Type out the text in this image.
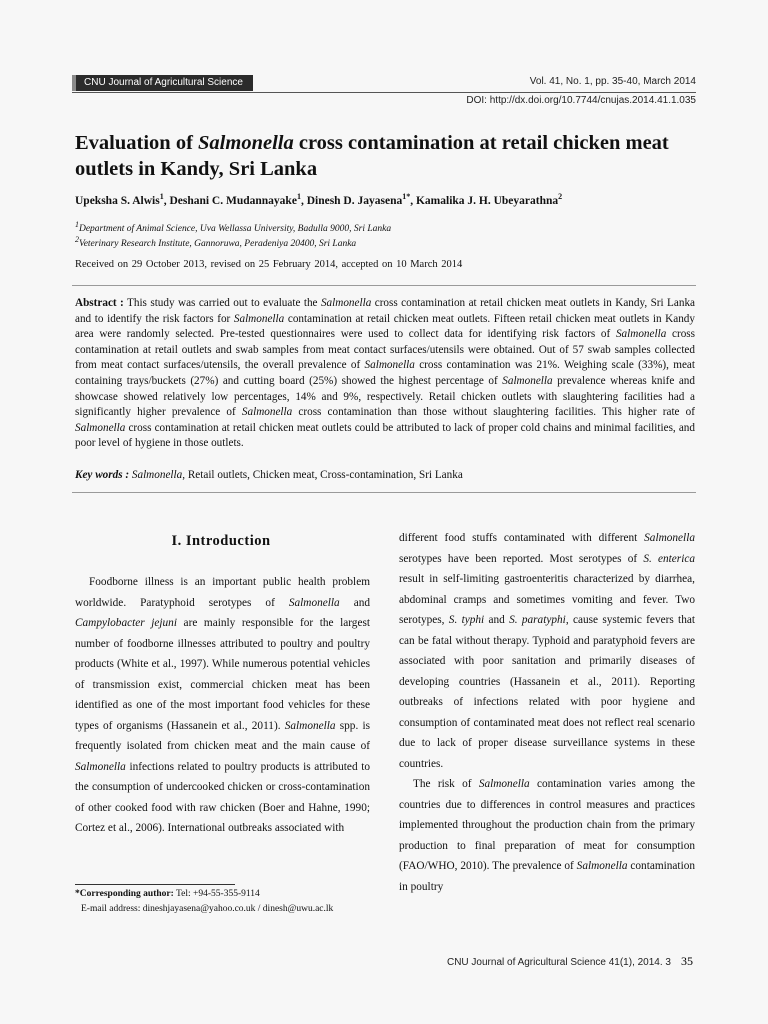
CNU Journal of Agricultural Science	Vol. 41, No. 1, pp. 35-40, March 2014
DOI: http://dx.doi.org/10.7744/cnujas.2014.41.1.035
Evaluation of Salmonella cross contamination at retail chicken meat outlets in Kandy, Sri Lanka
Upeksha S. Alwis$^1$, Deshani C. Mudannayake$^1$, Dinesh D. Jayasena$^{1*}$, Kamalika J. H. Ubeyarathna$^2$
$^1$Department of Animal Science, Uva Wellassa University, Badulla 9000, Sri Lanka
$^2$Veterinary Research Institute, Gannoruwa, Peradeniya 20400, Sri Lanka
Received on 29 October 2013, revised on 25 February 2014, accepted on 10 March 2014

Abstract : This study was carried out to evaluate the Salmonella cross contamination at retail chicken meat outlets in Kandy, Sri Lanka and to identify the risk factors for Salmonella contamination at retail chicken meat outlets. Fifteen retail chicken meat outlets in Kandy area were randomly selected. Pre-tested questionnaires were used to collect data for identifying risk factors of Salmonella cross contamination at retail outlets and swab samples from meat contact surfaces/utensils were obtained. Out of 57 swab samples collected from meat contact surfaces/utensils, the overall prevalence of Salmonella cross contamination was 21%. Weighing scale (33%), meat containing trays/buckets (27%) and cutting board (25%) showed the highest percentage of Salmonella prevalence whereas knife and showcase showed relatively low percentages, 14% and 9%, respectively. Retail chicken outlets with slaughtering facilities had a significantly higher prevalence of Salmonella cross contamination than those without slaughtering facilities. This higher rate of Salmonella cross contamination at retail chicken meat outlets could be attributed to lack of proper cold chains and minimal facilities, and poor level of hygiene in those outlets.

Key words : Salmonella, Retail outlets, Chicken meat, Cross-contamination, Sri Lanka
I. Introduction

Foodborne illness is an important public health problem worldwide. Paratyphoid serotypes of Salmonella and Campylobacter jejuni are mainly responsible for the largest number of foodborne illnesses attributed to poultry and poultry products (White et al., 1997). While numerous potential vehicles of transmission exist, commercial chicken meat has been identified as one of the most important food vehicles for these types of organisms (Hassanein et al., 2011). Salmonella spp. is frequently isolated from chicken meat and the main cause of Salmonella infections related to poultry products is attributed to the consumption of undercooked chicken or cross-contamination of other cooked food with raw chicken (Boer and Hahne, 1990; Cortez et al., 2006). International outbreaks associated with

different food stuffs contaminated with different Salmonella serotypes have been reported. Most serotypes of S. enterica result in self-limiting gastroenteritis characterized by diarrhea, abdominal cramps and sometimes vomiting and fever. Two serotypes, S. typhi and S. paratyphi, cause systemic fevers that can be fatal without therapy. Typhoid and paratyphoid fevers are associated with poor sanitation and primarily diseases of developing countries (Hassanein et al., 2011). Reporting outbreaks of infections related with poor hygiene and consumption of contaminated meat does not reflect real scenario due to lack of proper disease surveillance systems in these countries.

The risk of Salmonella contamination varies among the countries due to differences in control measures and practices implemented throughout the production chain from the primary production to final preparation of meat for consumption (FAO/WHO, 2010). The prevalence of Salmonella contamination in poultry

*Corresponding author: Tel: +94-55-355-9114
E-mail address: dineshjayasena@yahoo.co.uk / dinesh@uwu.ac.lk
CNU Journal of Agricultural Science 41(1), 2014. 3 35
